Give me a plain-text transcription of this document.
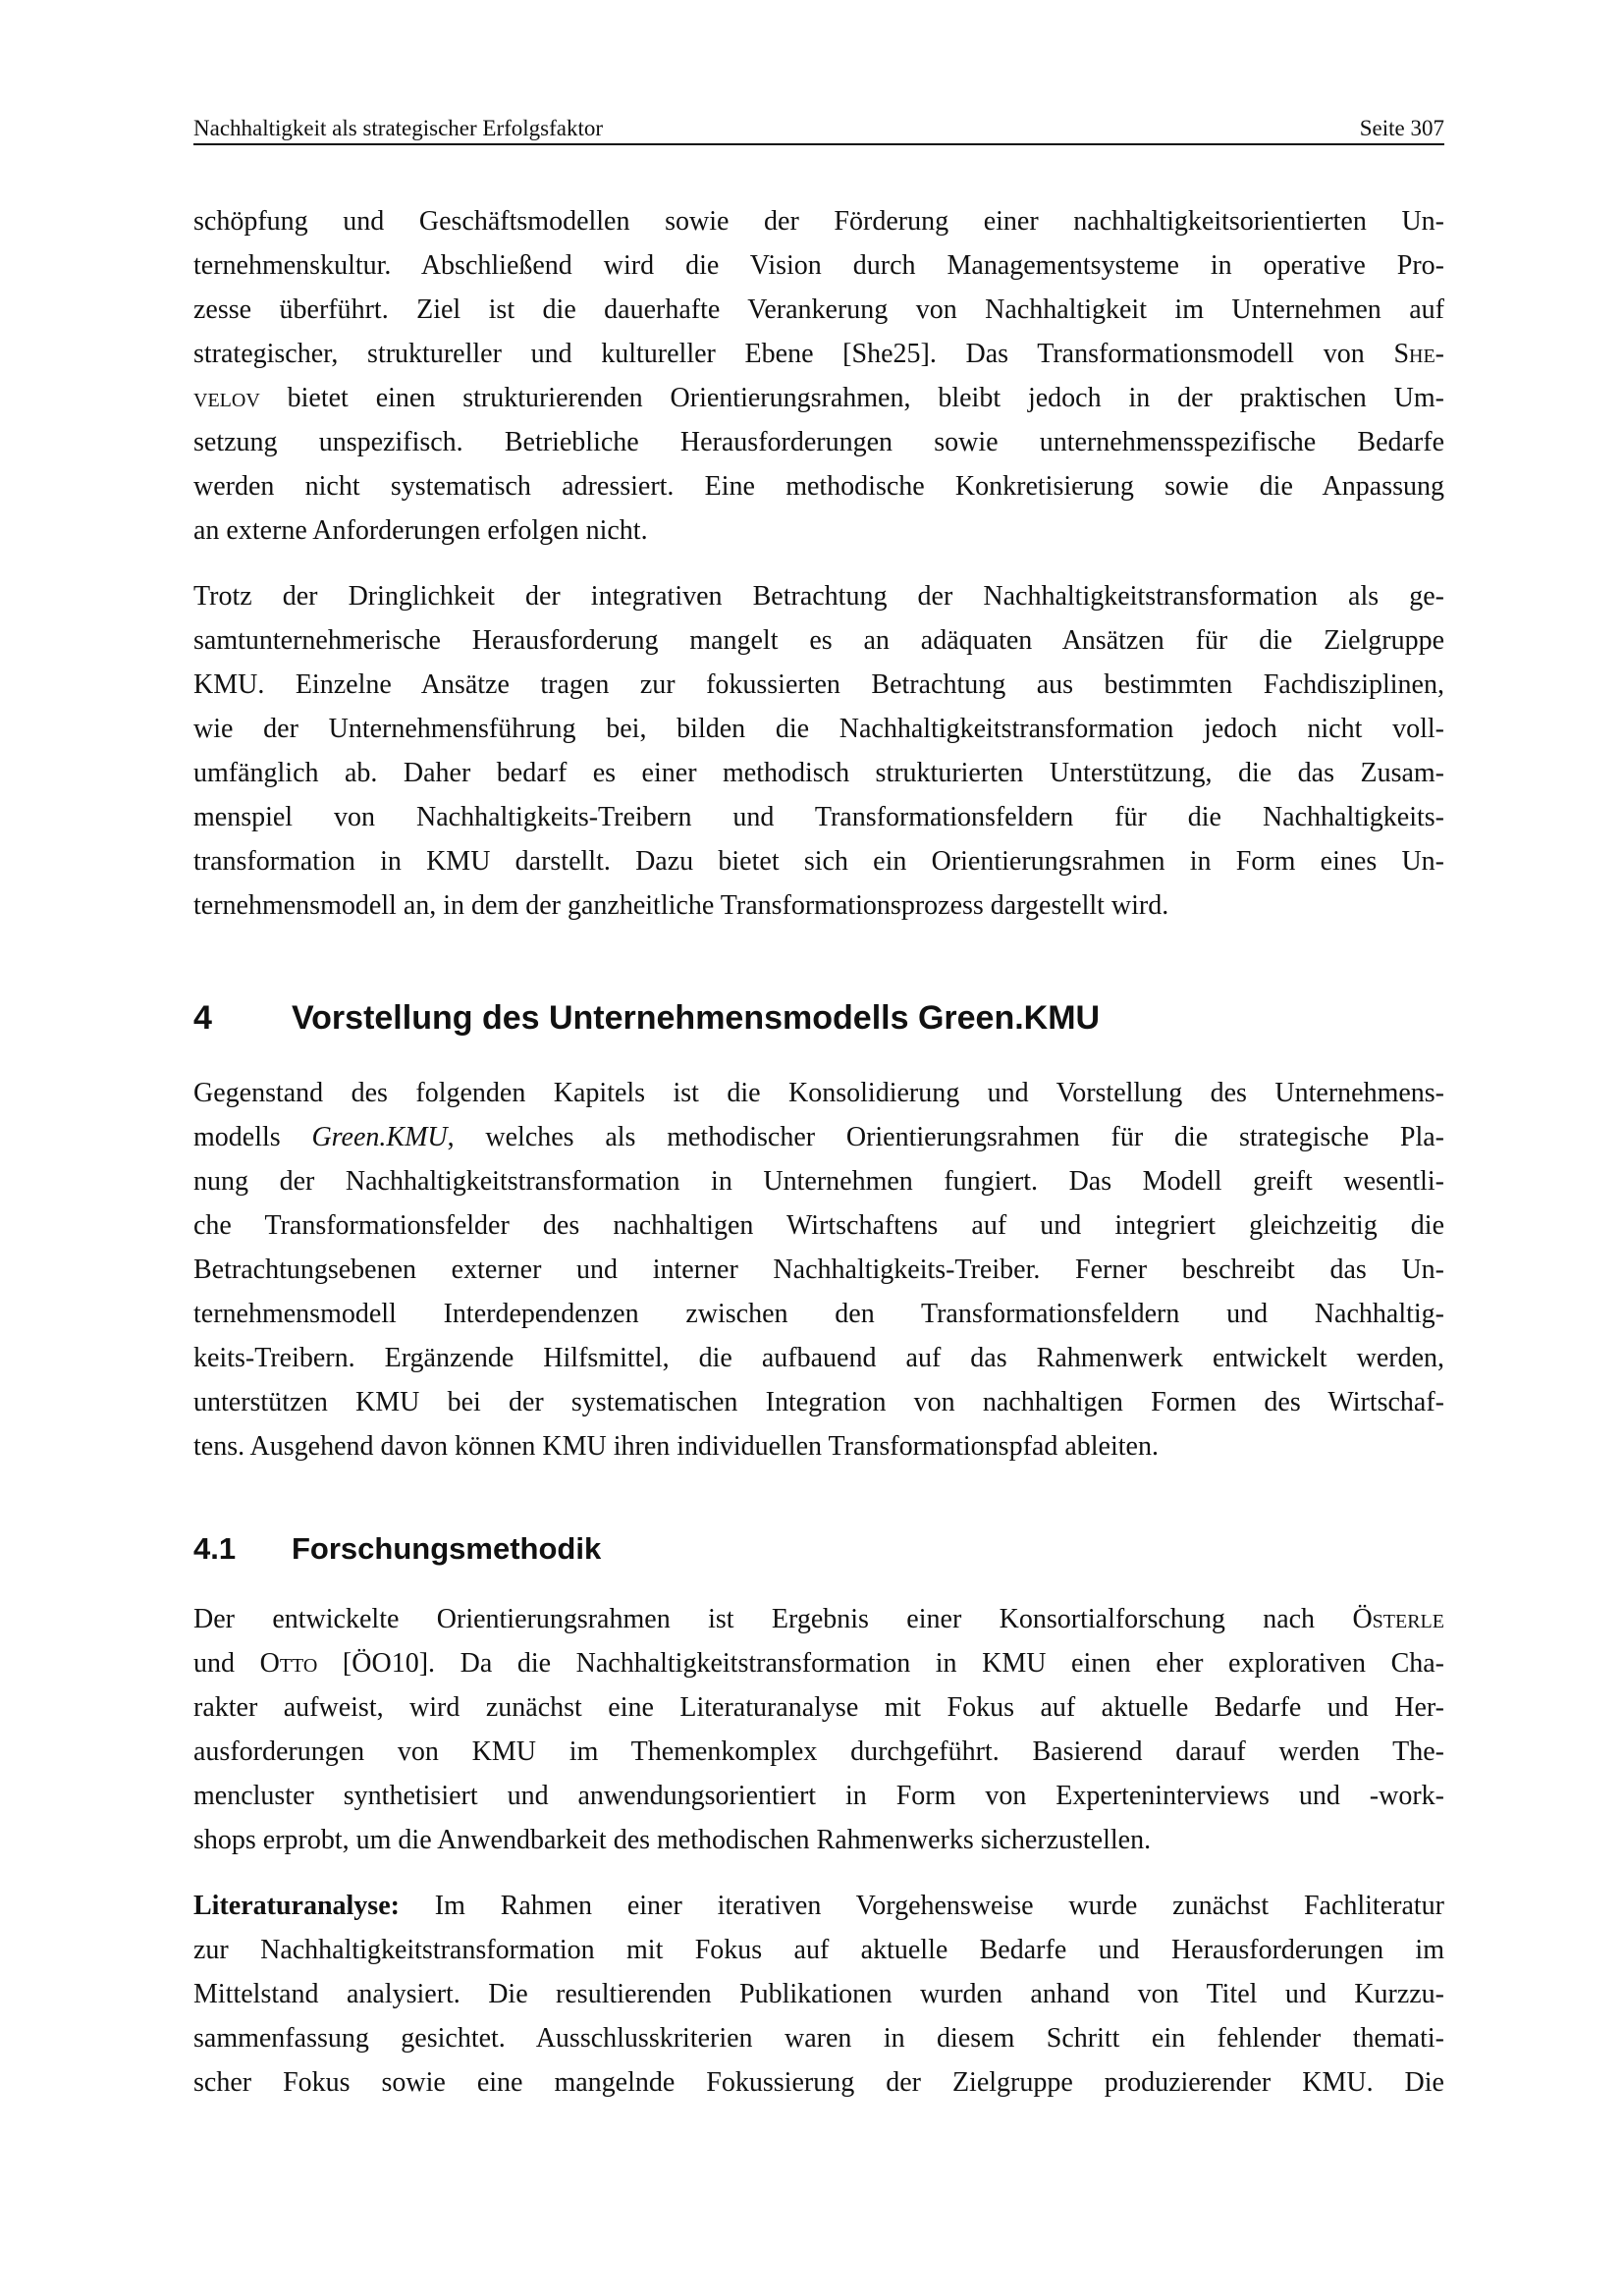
Nachhaltigkeit als strategischer Erfolgsfaktor	Seite 307
schöpfung und Geschäftsmodellen sowie der Förderung einer nachhaltigkeitsorientierten Un-
ternehmenskultur. Abschließend wird die Vision durch Managementsysteme in operative Pro-
zesse überführt. Ziel ist die dauerhafte Verankerung von Nachhaltigkeit im Unternehmen auf
strategischer, struktureller und kultureller Ebene [She25]. Das Transformationsmodell von She-
velov bietet einen strukturierenden Orientierungsrahmen, bleibt jedoch in der praktischen Um-
setzung unspezifisch. Betriebliche Herausforderungen sowie unternehmensspezifische Bedarfe
werden nicht systematisch adressiert. Eine methodische Konkretisierung sowie die Anpassung
an externe Anforderungen erfolgen nicht.
Trotz der Dringlichkeit der integrativen Betrachtung der Nachhaltigkeitstransformation als ge-
samtunternehmerische Herausforderung mangelt es an adäquaten Ansätzen für die Zielgruppe
KMU. Einzelne Ansätze tragen zur fokussierten Betrachtung aus bestimmten Fachdisziplinen,
wie der Unternehmensführung bei, bilden die Nachhaltigkeitstransformation jedoch nicht voll-
umfänglich ab. Daher bedarf es einer methodisch strukturierten Unterstützung, die das Zusam-
menspiel von Nachhaltigkeits-Treibern und Transformationsfeldern für die Nachhaltigkeits-
transformation in KMU darstellt. Dazu bietet sich ein Orientierungsrahmen in Form eines Un-
ternehmensmodell an, in dem der ganzheitliche Transformationsprozess dargestellt wird.
4	Vorstellung des Unternehmensmodells Green.KMU
Gegenstand des folgenden Kapitels ist die Konsolidierung und Vorstellung des Unternehmens-
modells Green.KMU, welches als methodischer Orientierungsrahmen für die strategische Pla-
nung der Nachhaltigkeitstransformation in Unternehmen fungiert. Das Modell greift wesentli-
che Transformationsfelder des nachhaltigen Wirtschaftens auf und integriert gleichzeitig die
Betrachtungsebenen externer und interner Nachhaltigkeits-Treiber. Ferner beschreibt das Un-
ternehmensmodell Interdependenzen zwischen den Transformationsfeldern und Nachhaltig-
keits-Treibern. Ergänzende Hilfsmittel, die aufbauend auf das Rahmenwerk entwickelt werden,
unterstützen KMU bei der systematischen Integration von nachhaltigen Formen des Wirtschaf-
tens. Ausgehend davon können KMU ihren individuellen Transformationspfad ableiten.
4.1	Forschungsmethodik
Der entwickelte Orientierungsrahmen ist Ergebnis einer Konsortialforschung nach Österle
und Otto [ÖO10]. Da die Nachhaltigkeitstransformation in KMU einen eher explorativen Cha-
rakter aufweist, wird zunächst eine Literaturanalyse mit Fokus auf aktuelle Bedarfe und Her-
ausforderungen von KMU im Themenkomplex durchgeführt. Basierend darauf werden The-
mencluster synthetisiert und anwendungsorientiert in Form von Experteninterviews und -work-
shops erprobt, um die Anwendbarkeit des methodischen Rahmenwerks sicherzustellen.
Literaturanalyse: Im Rahmen einer iterativen Vorgehensweise wurde zunächst Fachliteratur
zur Nachhaltigkeitstransformation mit Fokus auf aktuelle Bedarfe und Herausforderungen im
Mittelstand analysiert. Die resultierenden Publikationen wurden anhand von Titel und Kurzzu-
sammenfassung gesichtet. Ausschlusskriterien waren in diesem Schritt ein fehlender themati-
scher Fokus sowie eine mangelnde Fokussierung der Zielgruppe produzierender KMU. Die
